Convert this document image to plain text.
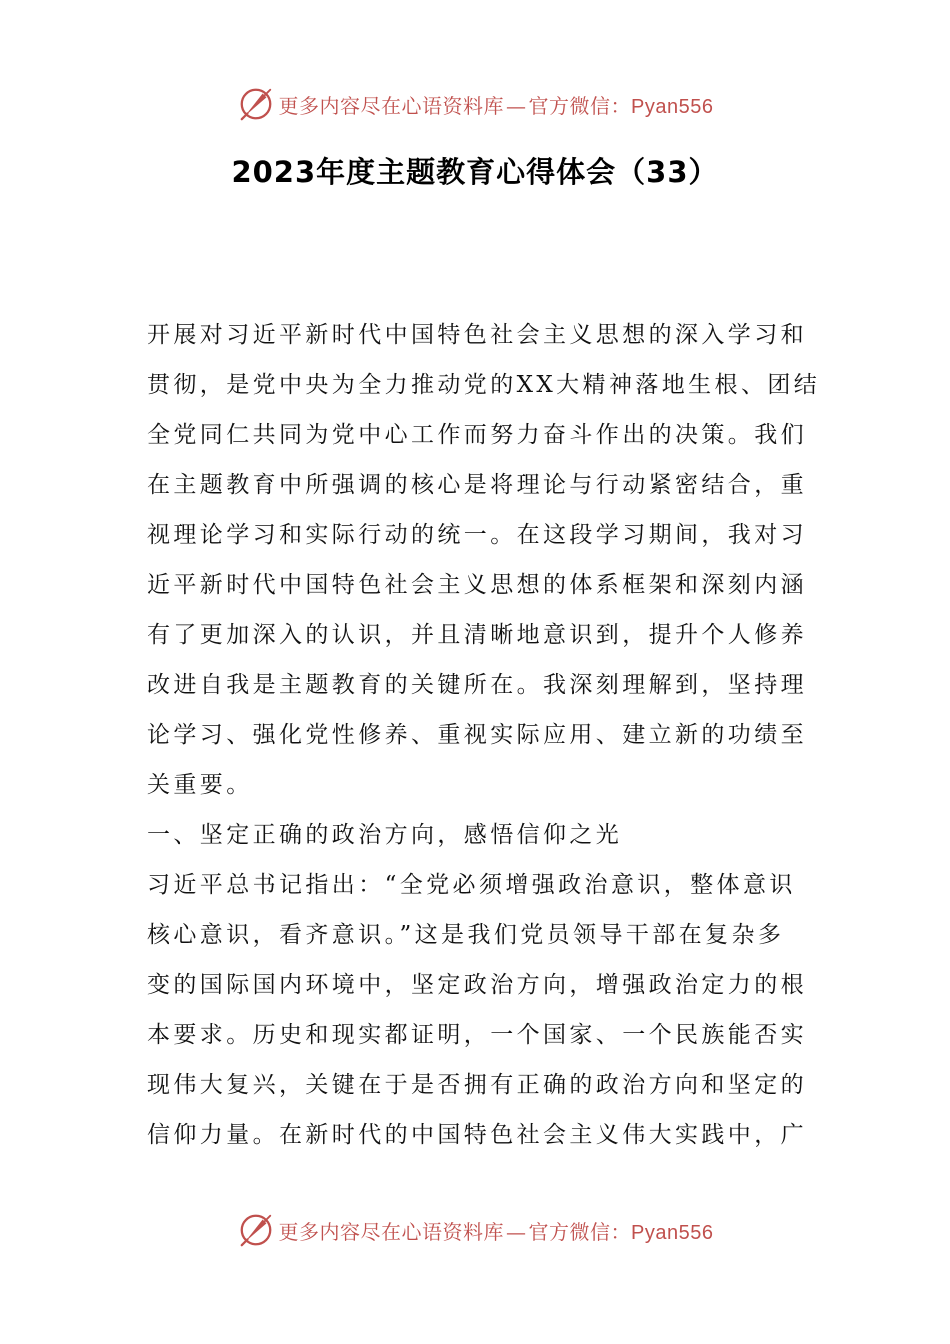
更多内容尽在心语资料库 — 官方微信：Pyan556
2023年度主题教育心得体会（33）
开展对习近平新时代中国特色社会主义思想的深入学习和
贯彻，是党中央为全力推动党的XX大精神落地生根、团结
全党同仁共同为党中心工作而努力奋斗作出的决策。我们
在主题教育中所强调的核心是将理论与行动紧密结合，重
视理论学习和实际行动的统一。在这段学习期间，我对习
近平新时代中国特色社会主义思想的体系框架和深刻内涵
有了更加深入的认识，并且清晰地意识到，提升个人修养
改进自我是主题教育的关键所在。我深刻理解到，坚持理
论学习、强化党性修养、重视实际应用、建立新的功绩至
关重要。
一、坚定正确的政治方向，感悟信仰之光
习近平总书记指出：“全党必须增强政治意识，整体意识
核心意识，看齐意识。”这是我们党员领导干部在复杂多
变的国际国内环境中，坚定政治方向，增强政治定力的根
本要求。历史和现实都证明，一个国家、一个民族能否实
现伟大复兴，关键在于是否拥有正确的政治方向和坚定的
信仰力量。在新时代的中国特色社会主义伟大实践中，广
更多内容尽在心语资料库 — 官方微信：Pyan556
